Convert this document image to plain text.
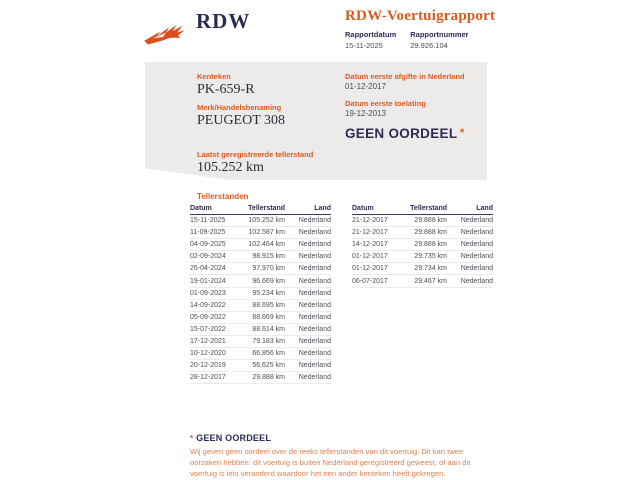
RDW	RDW-Voertuigrapport
Rapportdatum
15-11-2025
Rapportnummer
29.926.104
Kenteken
PK-659-R
Merk/Handelsbenaming
PEUGEOT 308
Laatst geregistreerde tellerstand
105.252 km
Datum eerste afgifte in Nederland
01-12-2017
Datum eerste toelating
19-12-2013
GEEN OORDEEL *
Tellerstanden
Datum	Tellerstand	Land
15-11-2025	105.252 km	Nederland
11-09-2025	102.587 km	Nederland
04-09-2025	102.464 km	Nederland
02-09-2024	98.915 km	Nederland
26-04-2024	97.970 km	Nederland
19-01-2024	96.669 km	Nederland
01-09-2023	95.234 km	Nederland
14-09-2022	88.695 km	Nederland
05-09-2022	88.669 km	Nederland
15-07-2022	88.614 km	Nederland
17-12-2021	79.183 km	Nederland
10-12-2020	66.856 km	Nederland
20-12-2019	56.625 km	Nederland
28-12-2017	29.888 km	Nederland
Datum	Tellerstand	Land
21-12-2017	29.888 km	Nederland
21-12-2017	29.888 km	Nederland
14-12-2017	29.888 km	Nederland
01-12-2017	29.735 km	Nederland
01-12-2017	29.734 km	Nederland
06-07-2017	29.467 km	Nederland
* GEEN OORDEEL
Wij geven geen oordeel over de reeks tellerstanden van dit voertuig. Dit kan twee oorzaken hebben: dit voertuig is buiten Nederland geregistreerd geweest, of aan dit voertuig is iets veranderd waardoor het een ander kenteken heeft gekregen.
